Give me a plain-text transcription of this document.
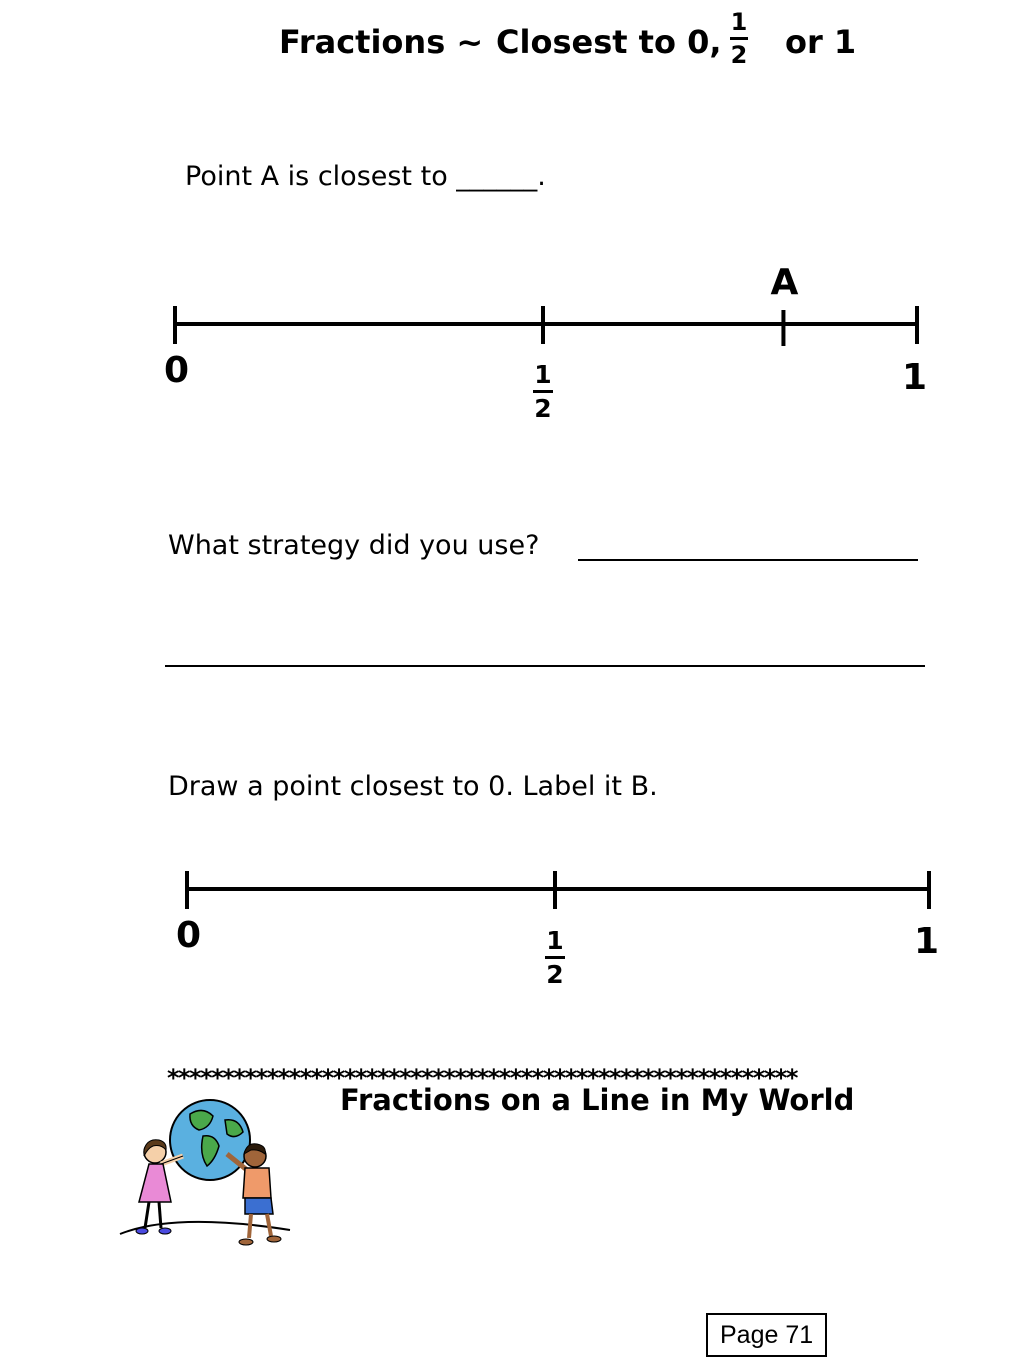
Fractions ~ Closest to 0,
1
2 or 1
Point A is closest to ______.
A
0	1
2
1
What strategy did you use?
Draw a point closest to 0. Label it B.
0	1
2
1
*********************************************************
Fractions on a Line in My World
Page 71
